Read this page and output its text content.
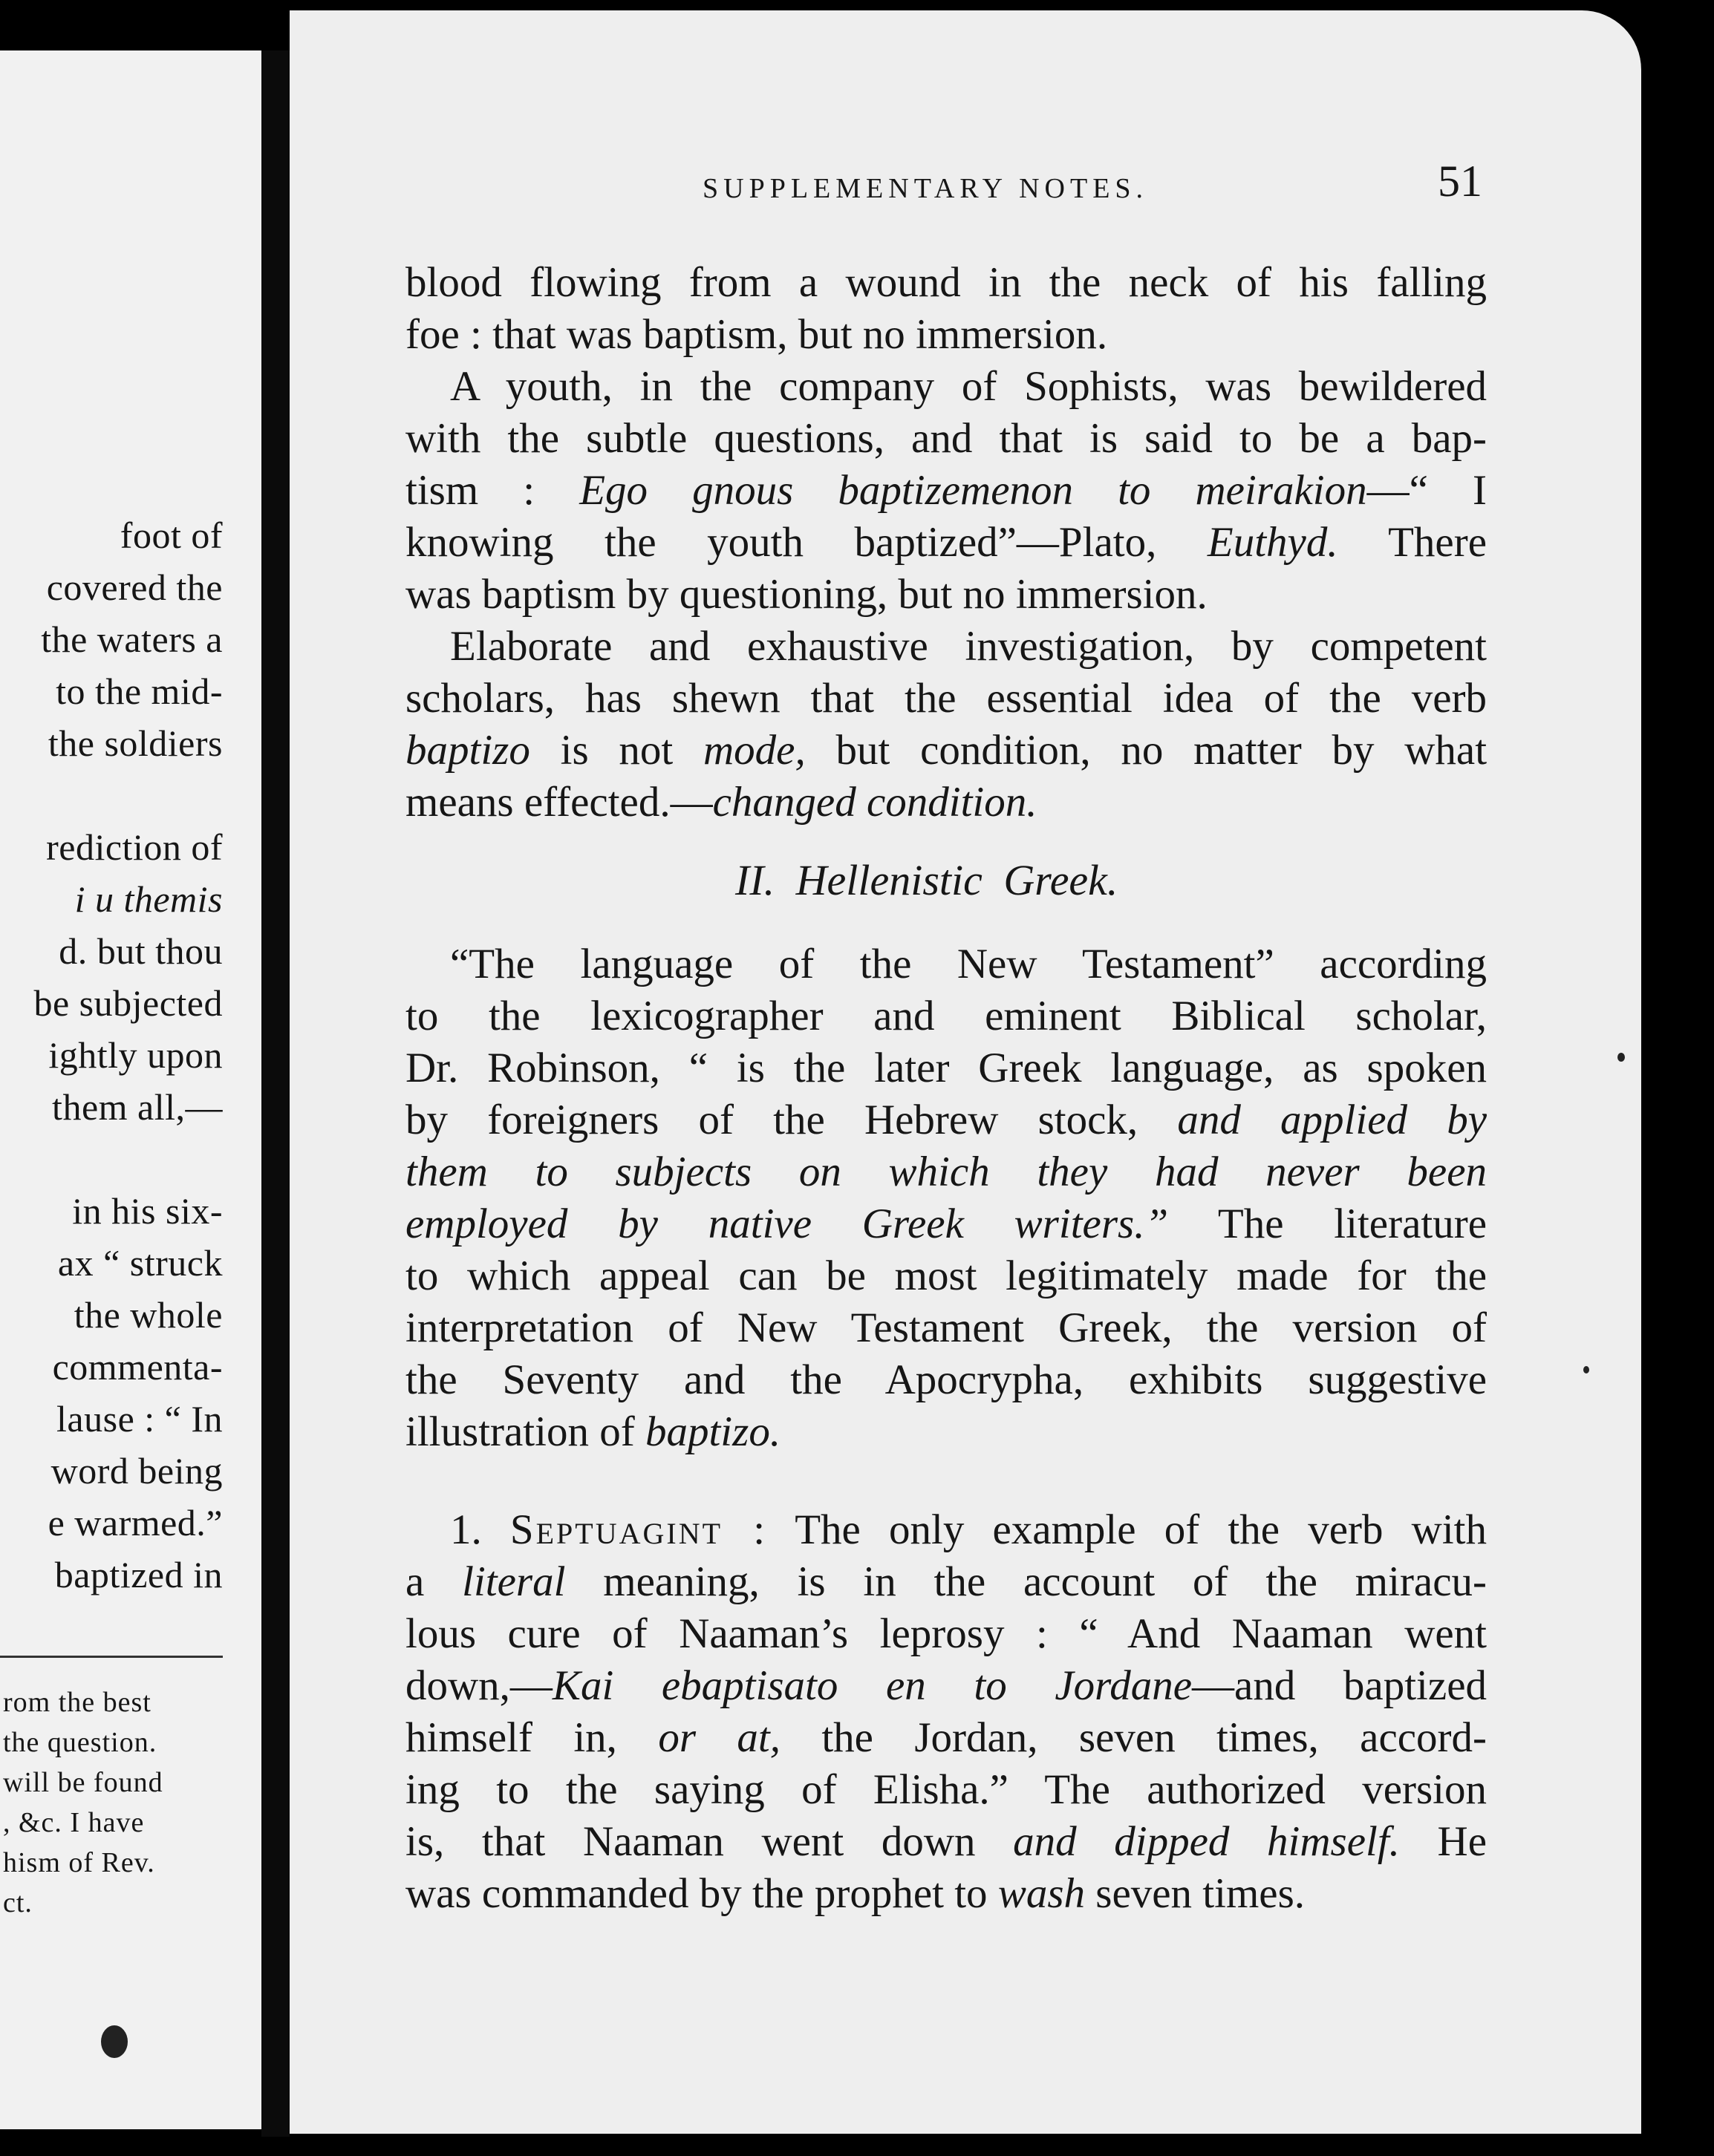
foot of
covered the
the waters a
to the mid-
the soldiers
rediction of
i u themis
d. but thou
be subjected
ightly upon
them all,—
in his six-
ax “ struck
the whole
commenta-
lause : “ In
word being
e warmed.”
baptized in
rom the best
the question.
will be found
, &c. I have
hism of Rev.
ct.
SUPPLEMENTARY NOTES.	51
blood flowing from a wound in the neck of his falling
foe : that was baptism, but no immersion.
A youth, in the company of Sophists, was bewildered
with the subtle questions, and that is said to be a bap-
tism : Ego gnous baptizemenon to meirakion—“ I
knowing the youth baptized”—Plato, Euthyd. There
was baptism by questioning, but no immersion.
Elaborate and exhaustive investigation, by competent
scholars, has shewn that the essential idea of the verb
baptizo is not mode, but condition, no matter by what
means effected.—changed condition.
II. Hellenistic Greek.
“The language of the New Testament” according
to the lexicographer and eminent Biblical scholar,
Dr. Robinson, “ is the later Greek language, as spoken
by foreigners of the Hebrew stock, and applied by
them to subjects on which they had never been
employed by native Greek writers.” The literature
to which appeal can be most legitimately made for the
interpretation of New Testament Greek, the version of
the Seventy and the Apocrypha, exhibits suggestive
illustration of baptizo.
1. Septuagint : The only example of the verb with
a literal meaning, is in the account of the miracu-
lous cure of Naaman’s leprosy : “ And Naaman went
down,—Kai ebaptisato en to Jordane—and baptized
himself in, or at, the Jordan, seven times, accord-
ing to the saying of Elisha.” The authorized version
is, that Naaman went down and dipped himself. He
was commanded by the prophet to wash seven times.
